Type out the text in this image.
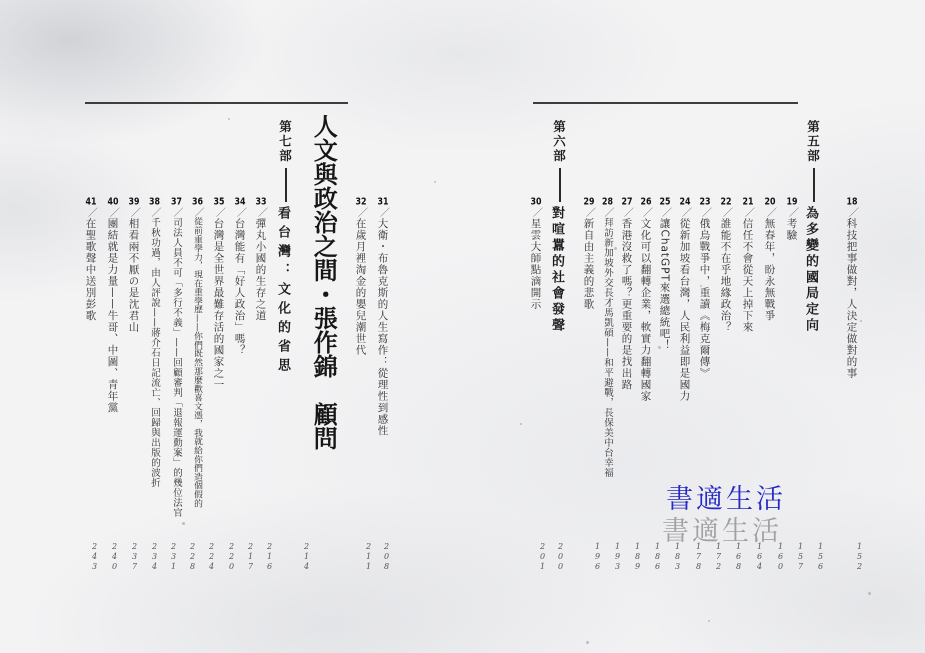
18／科技把事做對，人決定做對的事
第五部
為多變的國局定向
19／考驗
20／無春年，盼永無戰爭
21／信任不會從天上掉下來
22／誰能不在乎地緣政治？
23／俄烏戰爭中，重讀《梅克爾傳》
24／從新加坡看台灣，人民利益即是國力
25／讓ChatGPT來選總統吧！
26／文化可以翻轉企業，軟實力翻轉國家
27／香港沒救了嗎？更重要的是找出路
28／拜訪新加坡外交長才馬凱碩——和平避戰，長保美中台幸福
29／新自由主義的悲歌
第六部
對喧囂的社會發聲
30／星雲大師點滴開示
152
156
157
160
164
168
172
178
183
186
189
193
196
200
201
31／大衛・布魯克斯的人生寫作：從理性到感性
32／在歲月裡淘金的嬰兒潮世代
人文與政治之間・張作錦　顧問
第七部
看台灣：文化的省思
33／彈丸小國的生存之道
34／台灣能有「好人政治」嗎？
35／台灣是全世界最難存活的國家之一
36／從前重學力，現在重學歷——你們既然那麼歡喜文憑，我就給你們造個假的
37／司法人員不可「多行不義」——回顧審判「退報運動案」的幾位法官
38／千秋功過，由人評說——蔣介石日記流亡、回歸與出版的波折
39／相看兩不厭の是沈君山
40／團結就是力量——牛哥、中圖、青年黨
41／在聖歌聲中送別彭歌
208
211
214
216
217
220
224
228
231
234
237
240
243
書適生活
書適生活
